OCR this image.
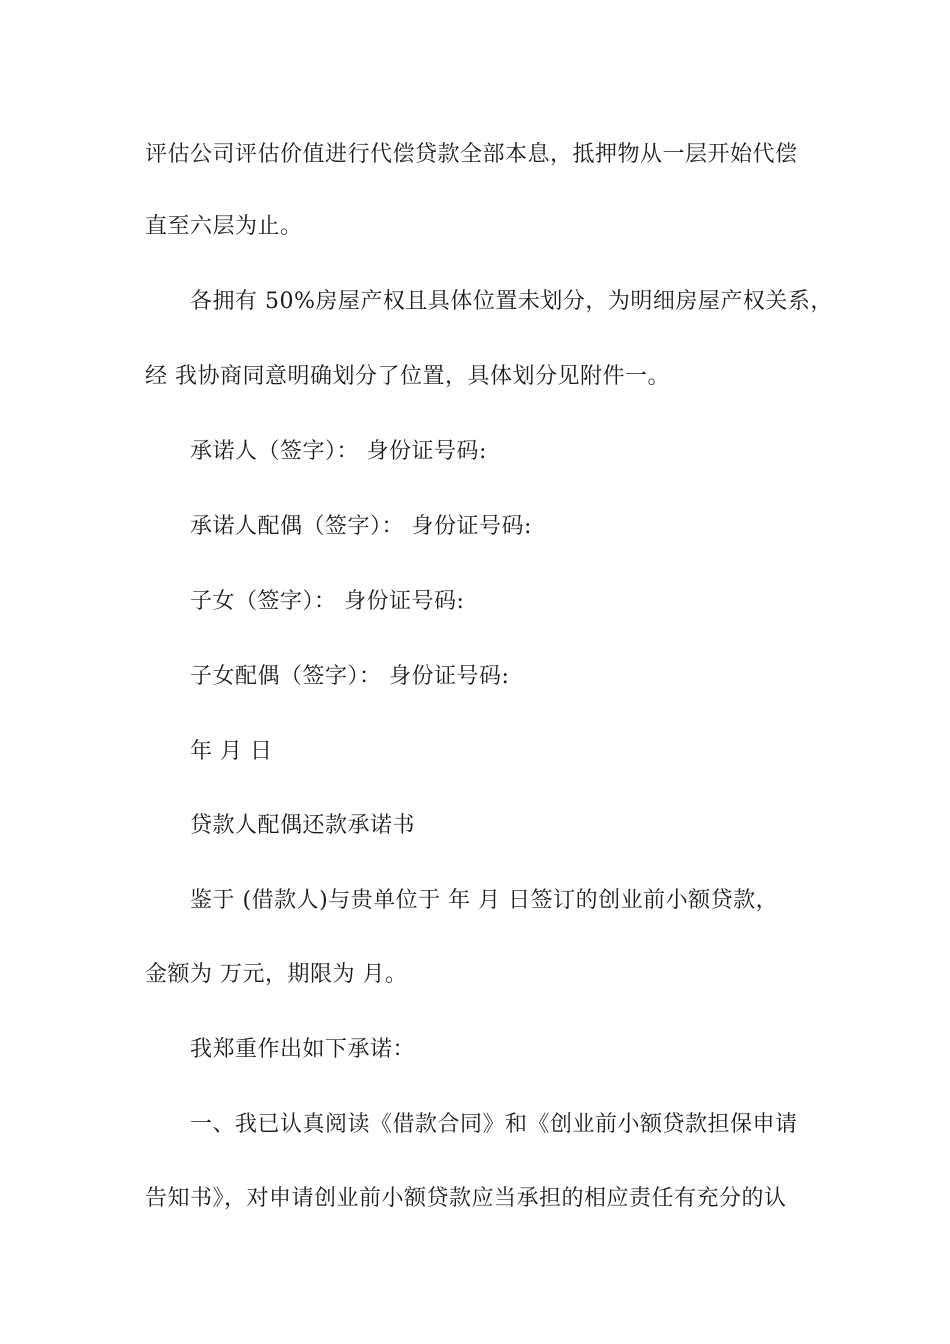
评估公司评估价值进行代偿贷款全部本息，抵押物从一层开始代偿
直至六层为止。
各拥有 50%房屋产权且具体位置未划分，为明细房屋产权关系，
经 我协商同意明确划分了位置，具体划分见附件一。
承诺人（签字）： 身份证号码:
承诺人配偶（签字）： 身份证号码:
子女（签字）： 身份证号码:
子女配偶（签字）： 身份证号码:
年 月 日
贷款人配偶还款承诺书
鉴于 (借款人)与贵单位于 年 月 日签订的创业前小额贷款，
金额为 万元，期限为 月。
我郑重作出如下承诺：
一、我已认真阅读《借款合同》和《创业前小额贷款担保申请
告知书》，对申请创业前小额贷款应当承担的相应责任有充分的认
